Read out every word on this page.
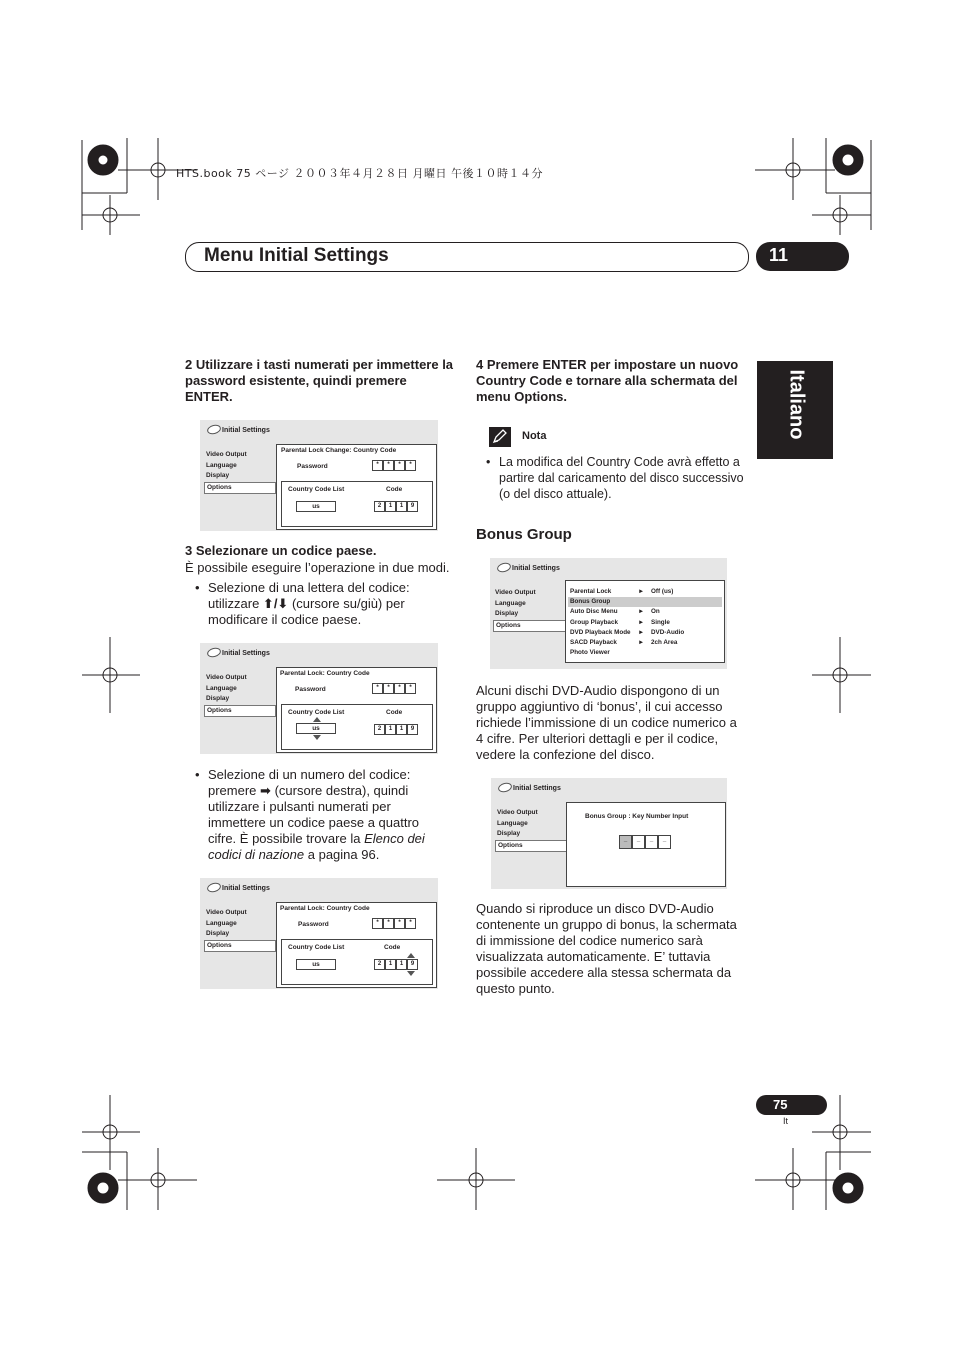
HTS.book 75 ページ ２００３年４月２８日 月曜日 午後１０時１４分
Menu Initial Settings	11
Italiano
2 Utilizzare i tasti numerati per immettere la password esistente, quindi premere ENTER.
Initial Settings
Video Output
Language
Display
Options
Parental Lock Change: Country Code
Password	*	*	*	*
Country Code List	Code
us	2	1	1	9
3 Selezionare un codice paese.
È possibile eseguire l’operazione in due modi.
• Selezione di una lettera del codice: utilizzare ⬆/⬇ (cursore su/giù) per modificare il codice paese.
Initial Settings
Video Output
Language
Display
Options
Parental Lock: Country Code
Password	*	*	*	*
Country Code List	Code
us	2	1	1	9
• Selezione di un numero del codice: premere ➡ (cursore destra), quindi utilizzare i pulsanti numerati per immettere un codice paese a quattro cifre. È possibile trovare la Elenco dei codici di nazione a pagina 96.
Initial Settings
Video Output
Language
Display
Options
Parental Lock: Country Code
Password	*	*	*	*
Country Code List	Code
us	2	1	1	9
4 Premere ENTER per impostare un nuovo Country Code e tornare alla schermata del menu Options.
Nota
• La modifica del Country Code avrà effetto a partire dal caricamento del disco successivo (o del disco attuale).
Bonus Group
Initial Settings
Video Output
Language
Display
Options
Parental Lock	► Off (us)
Bonus Group
Auto Disc Menu	► On
Group Playback	► Single
DVD Playback Mode ► DVD-Audio
SACD Playback	► 2ch Area
Photo Viewer
Alcuni dischi DVD-Audio dispongono di un gruppo aggiuntivo di ‘bonus’, il cui accesso richiede l’immissione di un codice numerico a 4 cifre. Per ulteriori dettagli e per il codice, vedere la confezione del disco.
Initial Settings
Video Output
Language
Display
Options
Bonus Group : Key Number Input
_	_	_	_
Quando si riproduce un disco DVD-Audio contenente un gruppo di bonus, la schermata di immissione del codice numerico sarà visualizzata automaticamente. E’ tuttavia possibile accedere alla stessa schermata da questo punto.
75
It
